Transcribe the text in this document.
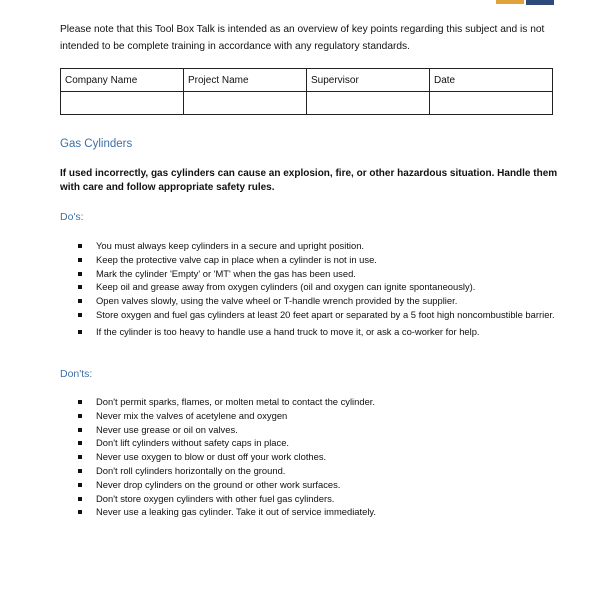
Please note that this Tool Box Talk is intended as an overview of key points regarding this subject and is not intended to be complete training in accordance with any regulatory standards.

Company Name	Project Name	Supervisor	Date

Gas Cylinders

If used incorrectly, gas cylinders can cause an explosion, fire, or other hazardous situation. Handle them with care and follow appropriate safety rules.

Do's:
You must always keep cylinders in a secure and upright position.
Keep the protective valve cap in place when a cylinder is not in use.
Mark the cylinder 'Empty' or 'MT' when the gas has been used.
Keep oil and grease away from oxygen cylinders (oil and oxygen can ignite spontaneously).
Open valves slowly, using the valve wheel or T-handle wrench provided by the supplier.
Store oxygen and fuel gas cylinders at least 20 feet apart or separated by a 5 foot high noncombustible barrier.
If the cylinder is too heavy to handle use a hand truck to move it, or ask a co-worker for help.
Don'ts:
Don't permit sparks, flames, or molten metal to contact the cylinder.
Never mix the valves of acetylene and oxygen
Never use grease or oil on valves.
Don't lift cylinders without safety caps in place.
Never use oxygen to blow or dust off your work clothes.
Don't roll cylinders horizontally on the ground.
Never drop cylinders on the ground or other work surfaces.
Don't store oxygen cylinders with other fuel gas cylinders.
Never use a leaking gas cylinder. Take it out of service immediately.
